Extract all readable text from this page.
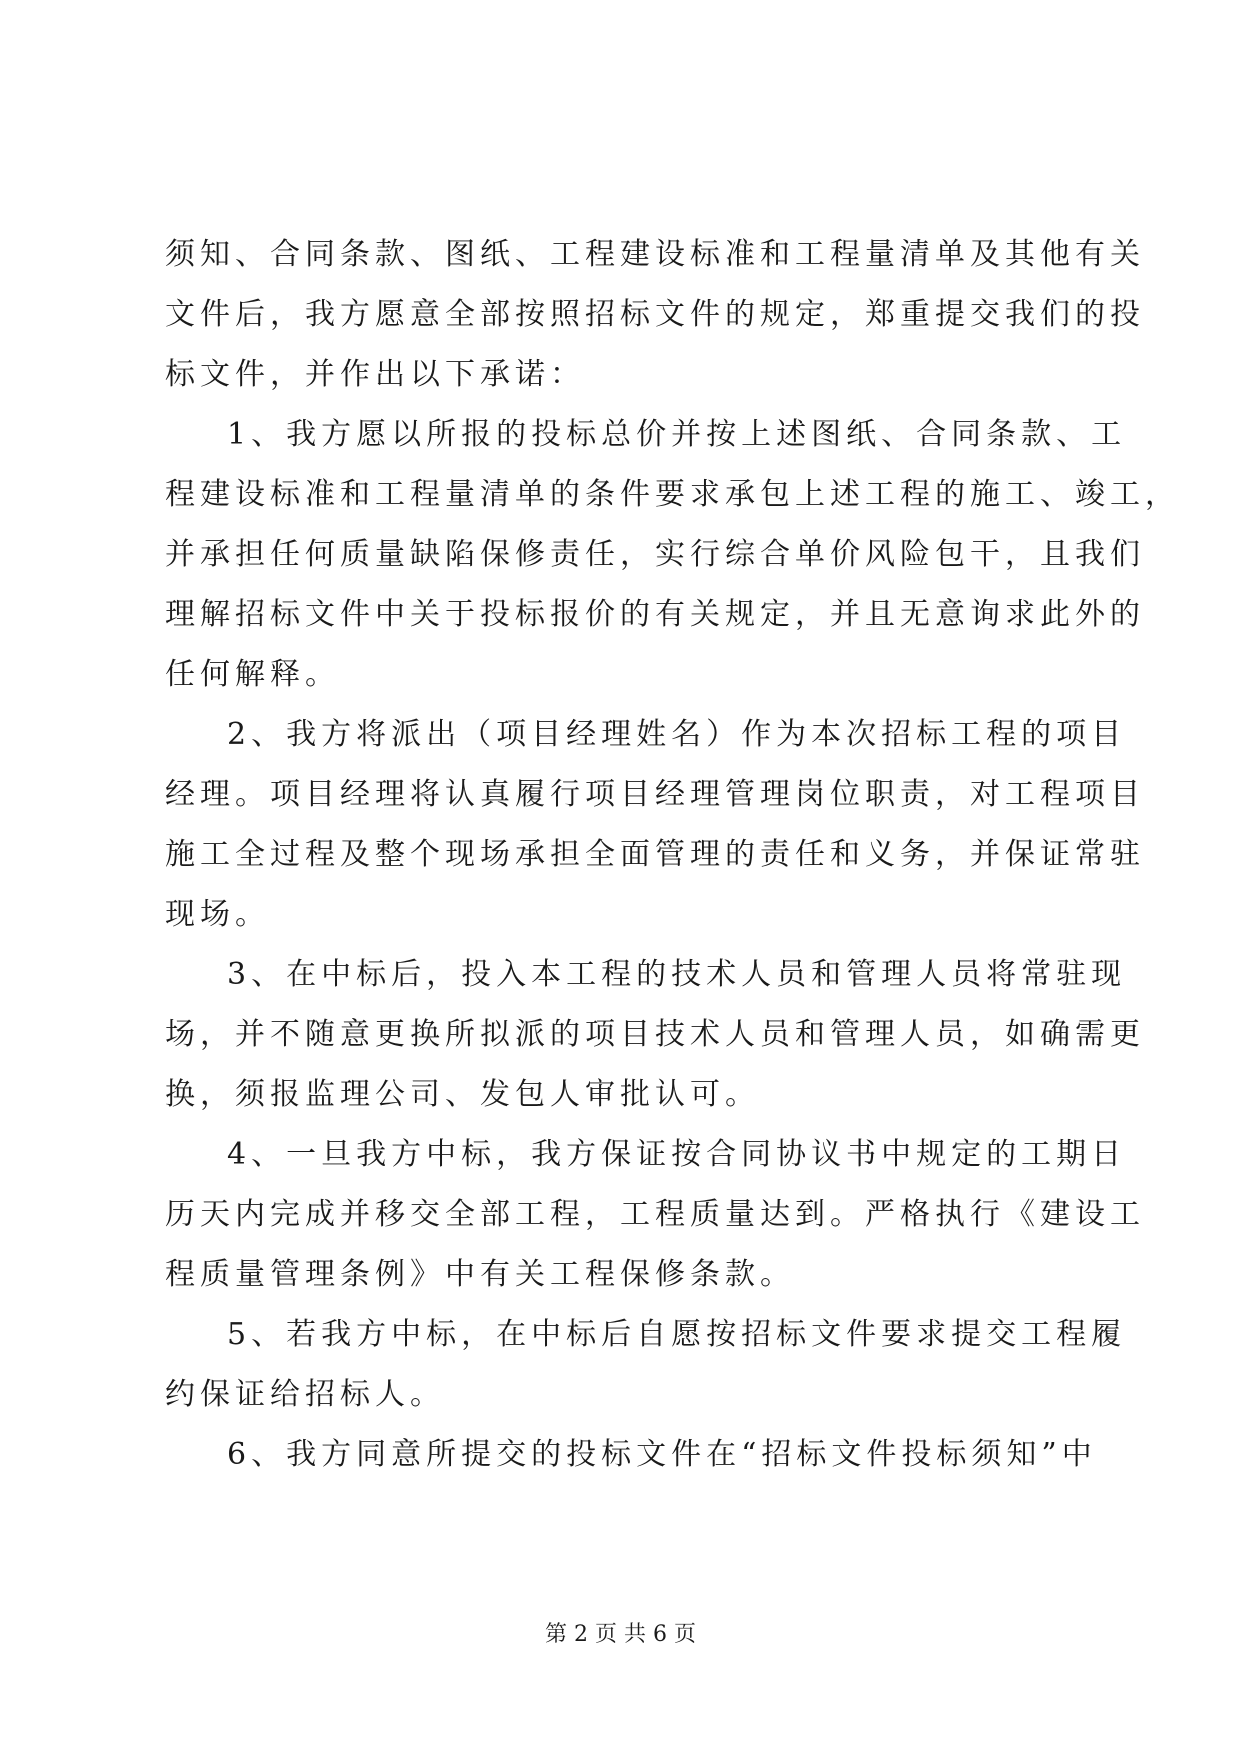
须知、合同条款、图纸、工程建设标准和工程量清单及其他有关
文件后，我方愿意全部按照招标文件的规定，郑重提交我们的投
标文件，并作出以下承诺：
1、我方愿以所报的投标总价并按上述图纸、合同条款、工
程建设标准和工程量清单的条件要求承包上述工程的施工、竣工，
并承担任何质量缺陷保修责任，实行综合单价风险包干，且我们
理解招标文件中关于投标报价的有关规定，并且无意询求此外的
任何解释。
2、我方将派出（项目经理姓名）作为本次招标工程的项目
经理。项目经理将认真履行项目经理管理岗位职责，对工程项目
施工全过程及整个现场承担全面管理的责任和义务，并保证常驻
现场。
3、在中标后，投入本工程的技术人员和管理人员将常驻现
场，并不随意更换所拟派的项目技术人员和管理人员，如确需更
换，须报监理公司、发包人审批认可。
4、一旦我方中标，我方保证按合同协议书中规定的工期日
历天内完成并移交全部工程，工程质量达到。严格执行《建设工
程质量管理条例》中有关工程保修条款。
5、若我方中标，在中标后自愿按招标文件要求提交工程履
约保证给招标人。
6、我方同意所提交的投标文件在“招标文件投标须知”中
第 2 页 共 6 页
